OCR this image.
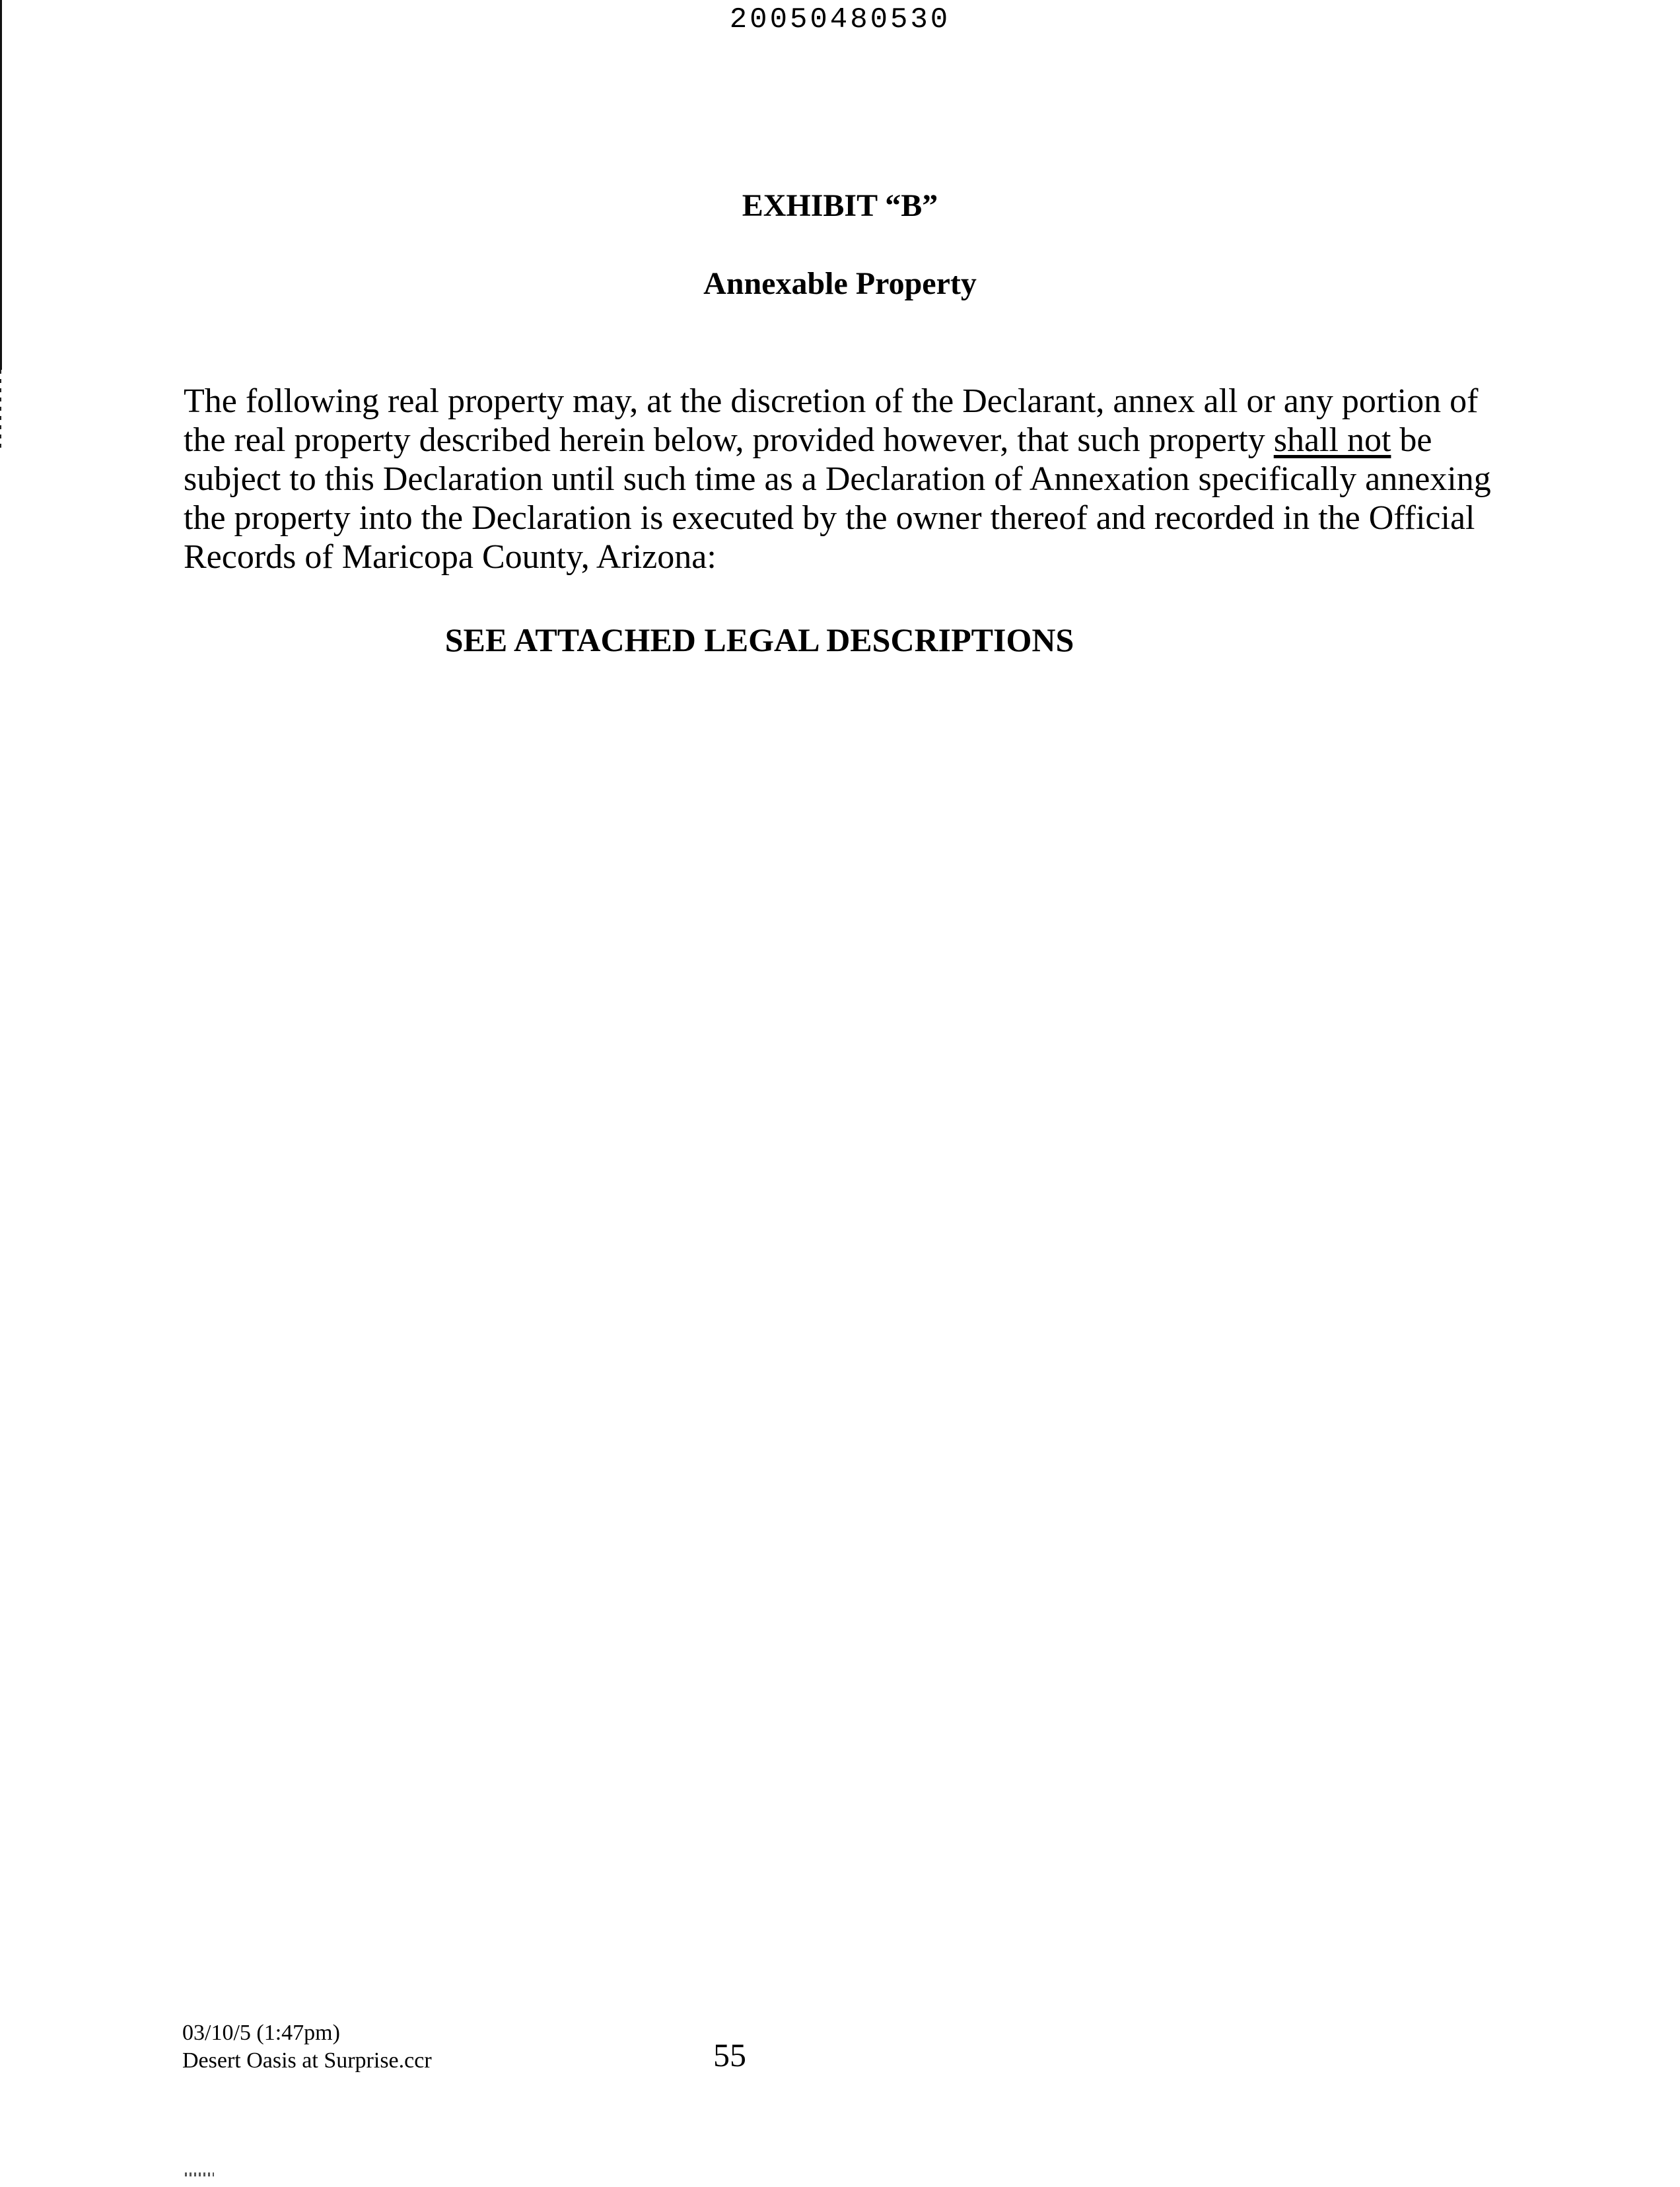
20050480530
EXHIBIT “B”
Annexable Property
The following real property may, at the discretion of the Declarant, annex all or any portion of
the real property described herein below, provided however, that such property shall not be
subject to this Declaration until such time as a Declaration of Annexation specifically annexing
the property into the Declaration is executed by the owner thereof and recorded in the Official
Records of Maricopa County, Arizona:
SEE ATTACHED LEGAL DESCRIPTIONS
03/10/5 (1:47pm)
Desert Oasis at Surprise.ccr	55
